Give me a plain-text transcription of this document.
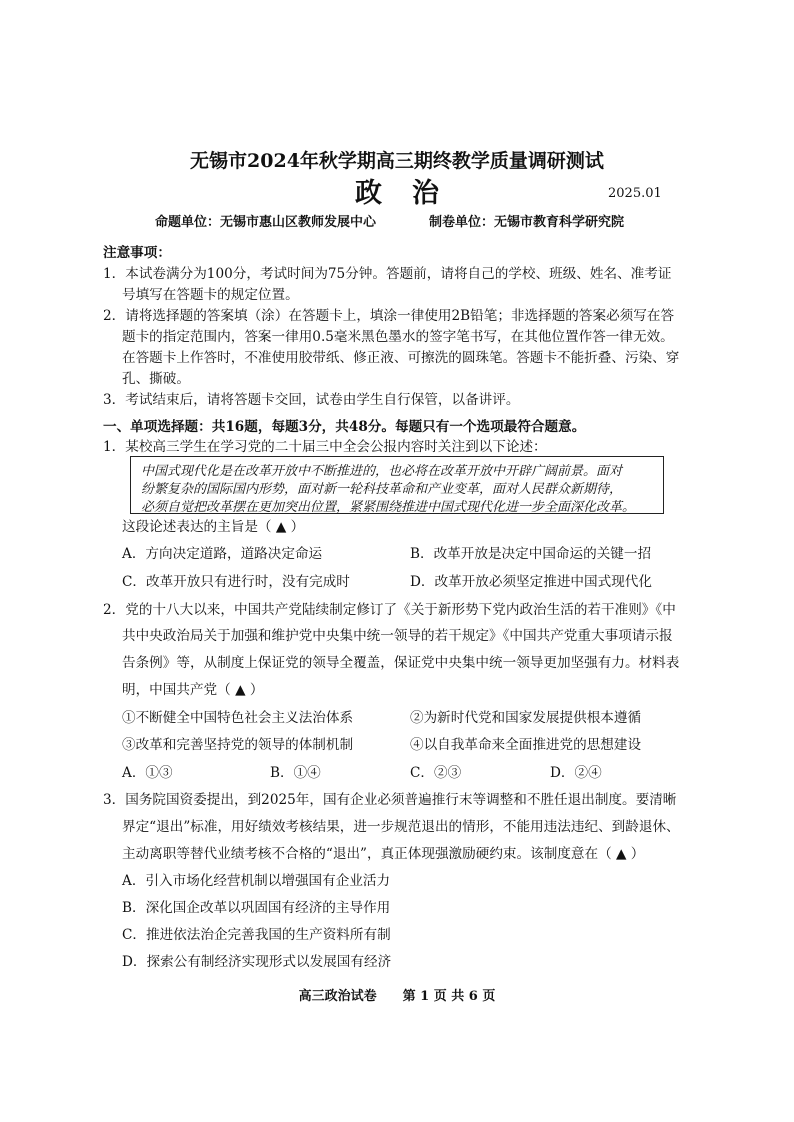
无锡市2024年秋学期高三期终教学质量调研测试
政治	2025.01
命题单位：无锡市惠山区教师发展中心	制卷单位：无锡市教育科学研究院
注意事项：
1．本试卷满分为100分，考试时间为75分钟。答题前，请将自己的学校、班级、姓名、准考证
号填写在答题卡的规定位置。
2．请将选择题的答案填（涂）在答题卡上，填涂一律使用2B铅笔；非选择题的答案必须写在答
题卡的指定范围内，答案一律用0.5毫米黑色墨水的签字笔书写，在其他位置作答一律无效。
在答题卡上作答时，不准使用胶带纸、修正液、可擦洗的圆珠笔。答题卡不能折叠、污染、穿
孔、撕破。
3．考试结束后，请将答题卡交回，试卷由学生自行保管，以备讲评。
一、单项选择题：共16题，每题3分，共48分。每题只有一个选项最符合题意。
1．某校高三学生在学习党的二十届三中全会公报内容时关注到以下论述：
中国式现代化是在改革开放中不断推进的，也必将在改革开放中开辟广阔前景。面对
纷繁复杂的国际国内形势，面对新一轮科技革命和产业变革，面对人民群众新期待，
必须自觉把改革摆在更加突出位置，紧紧围绕推进中国式现代化进一步全面深化改革。
这段论述表达的主旨是（ ▲ ）
A．方向决定道路，道路决定命运	B．改革开放是决定中国命运的关键一招
C．改革开放只有进行时，没有完成时	D．改革开放必须坚定推进中国式现代化
2．党的十八大以来，中国共产党陆续制定修订了《关于新形势下党内政治生活的若干准则》《中
共中央政治局关于加强和维护党中央集中统一领导的若干规定》《中国共产党重大事项请示报
告条例》等，从制度上保证党的领导全覆盖，保证党中央集中统一领导更加坚强有力。材料表
明，中国共产党（ ▲ ）
①不断健全中国特色社会主义法治体系	②为新时代党和国家发展提供根本遵循
③改革和完善坚持党的领导的体制机制	④以自我革命来全面推进党的思想建设
A．①③	B．①④	C．②③	D．②④
3．国务院国资委提出，到2025年，国有企业必须普遍推行末等调整和不胜任退出制度。要清晰
界定“退出”标准，用好绩效考核结果，进一步规范退出的情形，不能用违法违纪、到龄退休、
主动离职等替代业绩考核不合格的“退出”，真正体现强激励硬约束。该制度意在（ ▲ ）
A．引入市场化经营机制以增强国有企业活力
B．深化国企改革以巩固国有经济的主导作用
C．推进依法治企完善我国的生产资料所有制
D．探索公有制经济实现形式以发展国有经济
高三政治试卷　　第 1 页 共 6 页
